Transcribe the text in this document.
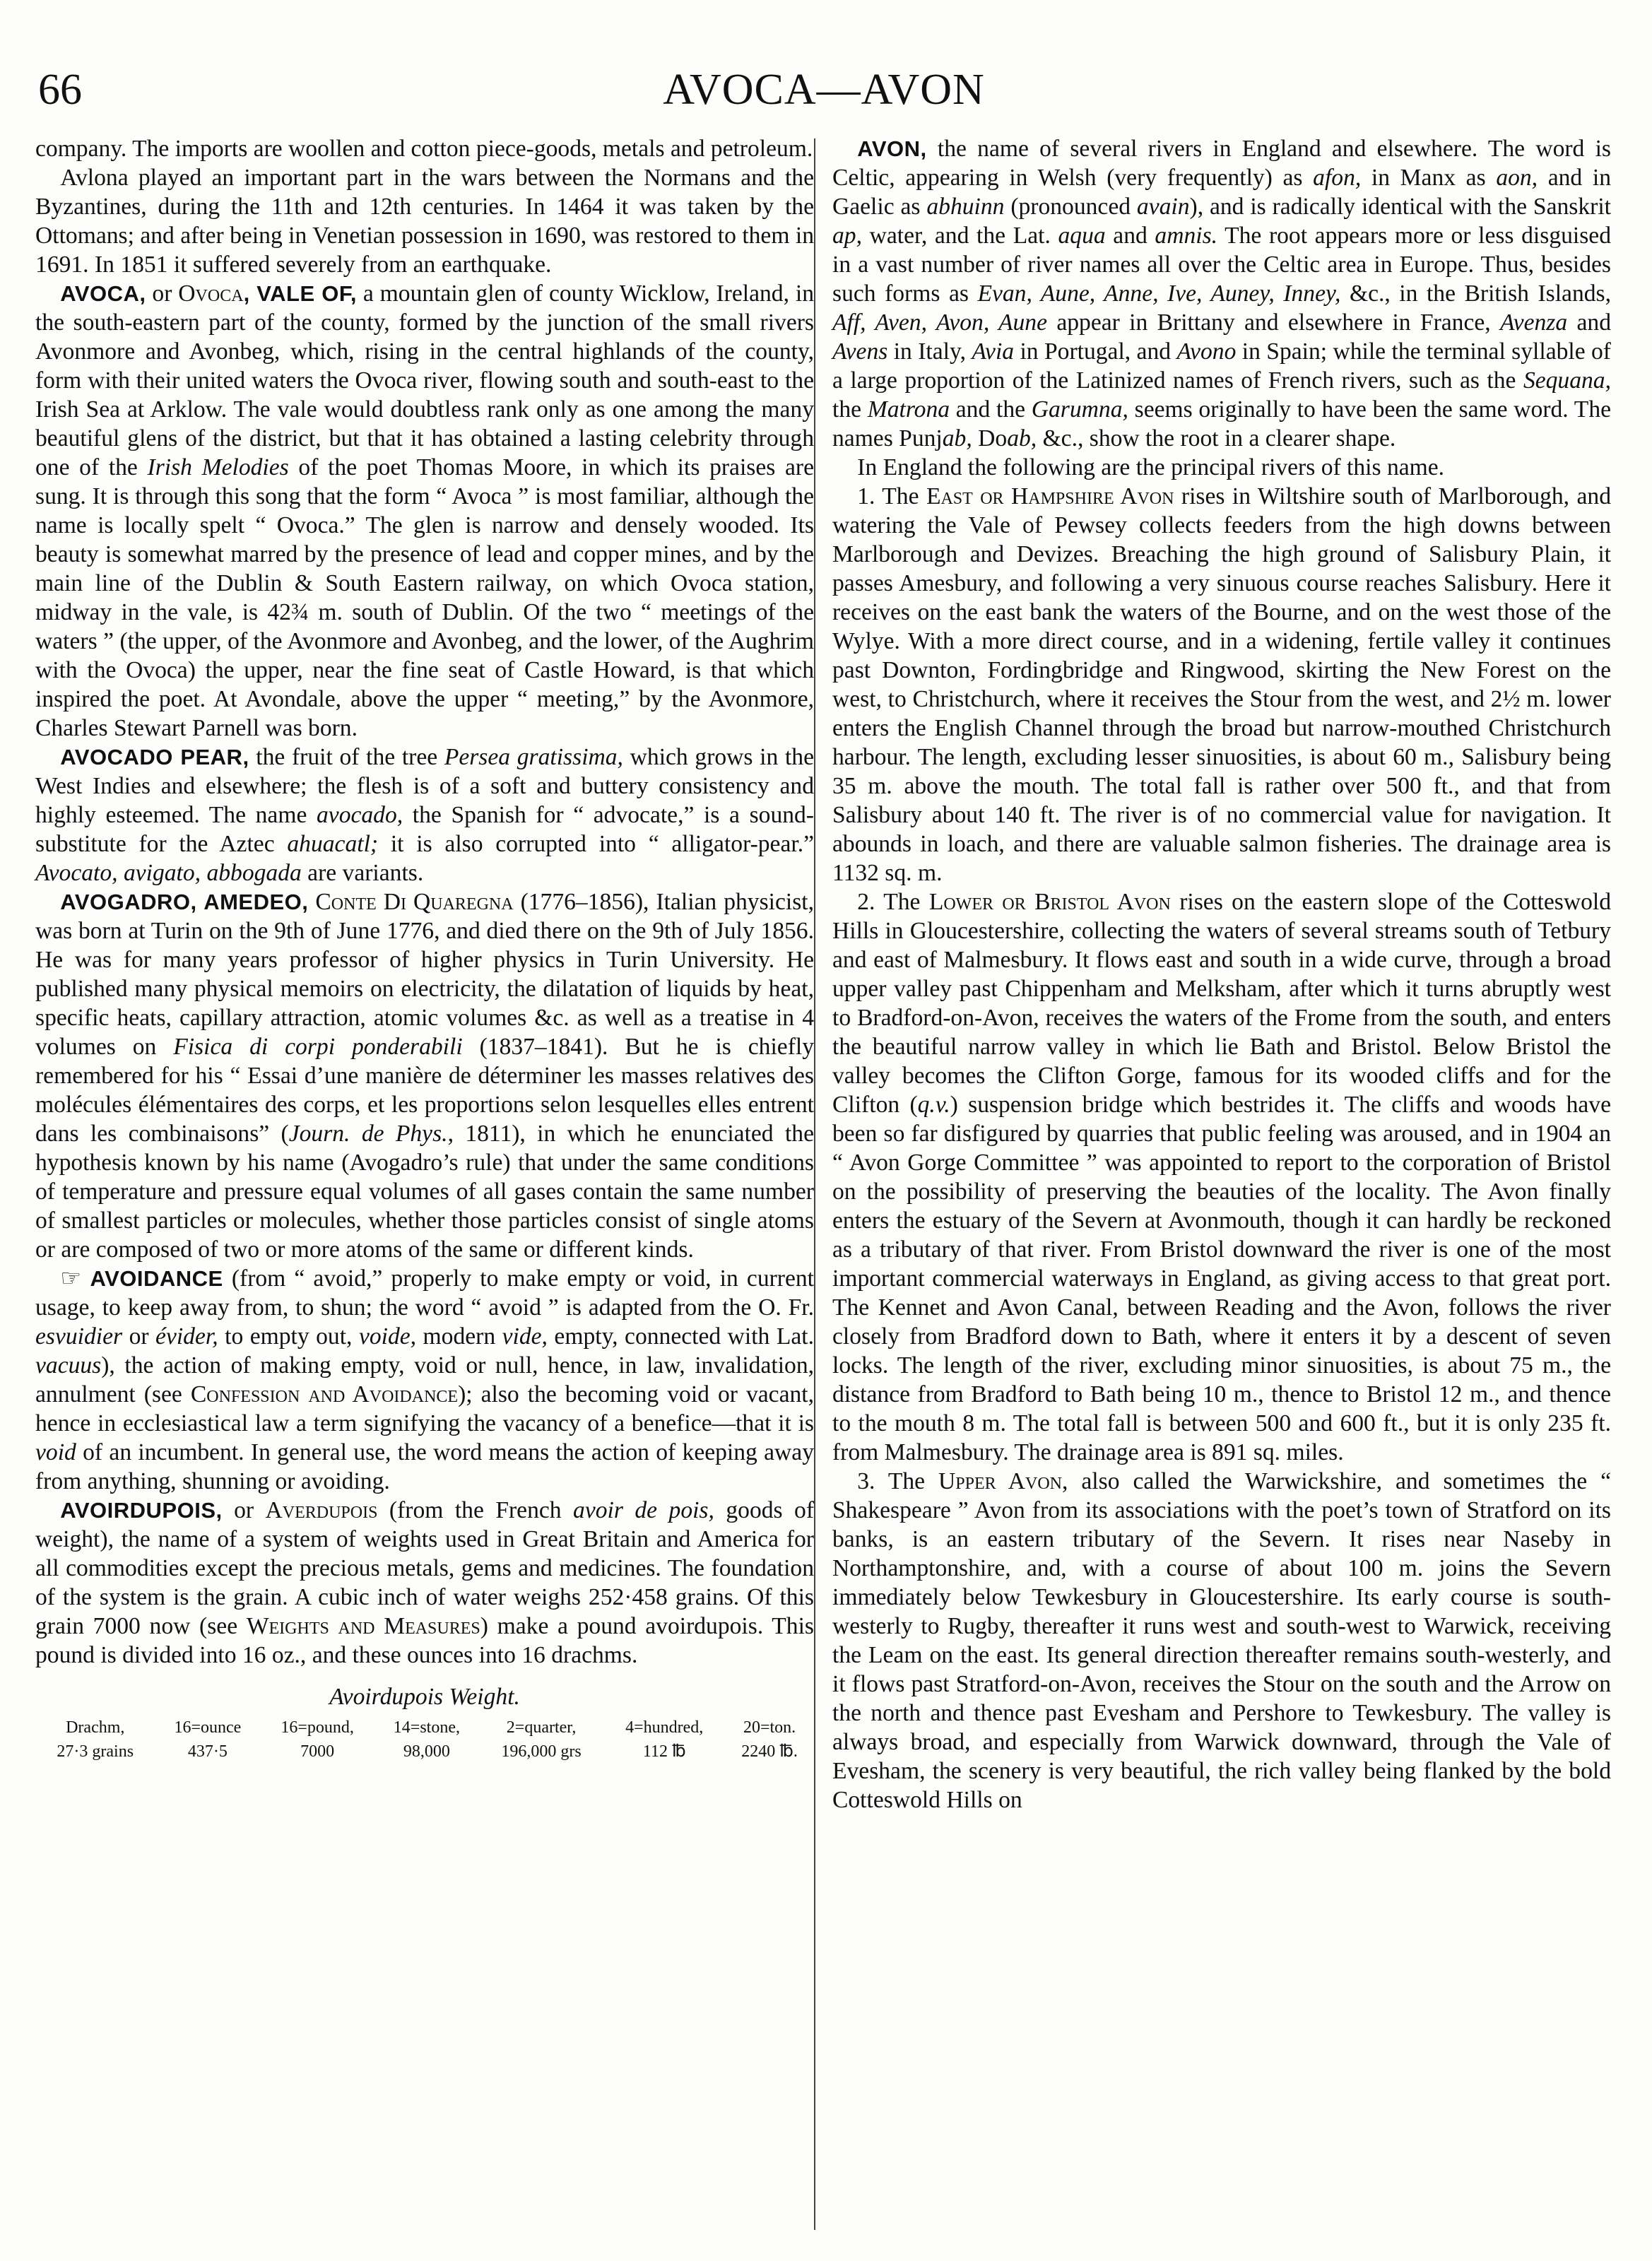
66	AVOCA—AVON

company. The imports are woollen and cotton piece-goods, metals and petroleum.

Avlona played an important part in the wars between the Normans and the Byzantines, during the 11th and 12th centuries. In 1464 it was taken by the Ottomans; and after being in Venetian possession in 1690, was restored to them in 1691. In 1851 it suffered severely from an earthquake.

AVOCA, or Ovoca, VALE OF, a mountain glen of county Wicklow, Ireland, in the south-eastern part of the county, formed by the junction of the small rivers Avonmore and Avonbeg, which, rising in the central highlands of the county, form with their united waters the Ovoca river, flowing south and south-east to the Irish Sea at Arklow. The vale would doubtless rank only as one among the many beautiful glens of the district, but that it has obtained a lasting celebrity through one of the Irish Melodies of the poet Thomas Moore, in which its praises are sung. It is through this song that the form “ Avoca ” is most familiar, although the name is locally spelt “ Ovoca.” The glen is narrow and densely wooded. Its beauty is somewhat marred by the presence of lead and copper mines, and by the main line of the Dublin & South Eastern railway, on which Ovoca station, midway in the vale, is 42¾ m. south of Dublin. Of the two “ meetings of the waters ” (the upper, of the Avonmore and Avonbeg, and the lower, of the Aughrim with the Ovoca) the upper, near the fine seat of Castle Howard, is that which inspired the poet. At Avondale, above the upper “ meeting,” by the Avonmore, Charles Stewart Parnell was born.

AVOCADO PEAR, the fruit of the tree Persea gratissima, which grows in the West Indies and elsewhere; the flesh is of a soft and buttery consistency and highly esteemed. The name avocado, the Spanish for “ advocate,” is a sound-substitute for the Aztec ahuacatl; it is also corrupted into “ alligator-pear.” Avocato, avigato, abbogada are variants.

AVOGADRO, AMEDEO, Conte Di Quaregna (1776–1856), Italian physicist, was born at Turin on the 9th of June 1776, and died there on the 9th of July 1856. He was for many years professor of higher physics in Turin University. He published many physical memoirs on electricity, the dilatation of liquids by heat, specific heats, capillary attraction, atomic volumes &c. as well as a treatise in 4 volumes on Fisica di corpi ponderabili (1837–1841). But he is chiefly remembered for his “ Essai d’une manière de déterminer les masses relatives des molécules élémentaires des corps, et les proportions selon lesquelles elles entrent dans les combinaisons” (Journ. de Phys., 1811), in which he enunciated the hypothesis known by his name (Avogadro’s rule) that under the same conditions of temperature and pressure equal volumes of all gases contain the same number of smallest particles or molecules, whether those particles consist of single atoms or are composed of two or more atoms of the same or different kinds.

☞ AVOIDANCE (from “ avoid,” properly to make empty or void, in current usage, to keep away from, to shun; the word “ avoid ” is adapted from the O. Fr. esvuidier or évider, to empty out, voide, modern vide, empty, connected with Lat. vacuus), the action of making empty, void or null, hence, in law, invalidation, annulment (see Confession and Avoidance); also the becoming void or vacant, hence in ecclesiastical law a term signifying the vacancy of a benefice—that it is void of an incumbent. In general use, the word means the action of keeping away from anything, shunning or avoiding.

AVOIRDUPOIS, or Averdupois (from the French avoir de pois, goods of weight), the name of a system of weights used in Great Britain and America for all commodities except the precious metals, gems and medicines. The foundation of the system is the grain. A cubic inch of water weighs 252·458 grains. Of this grain 7000 now (see Weights and Measures) make a pound avoirdupois. This pound is divided into 16 oz., and these ounces into 16 drachms.

Avoirdupois Weight.

Drachm,	16=ounce	16=pound,	14=stone,	2=quarter,	4=hundred,	20=ton.
27·3 grains	437·5	7000	98,000	196,000 grs	112 ℔	2240 ℔.

AVON, the name of several rivers in England and elsewhere. The word is Celtic, appearing in Welsh (very frequently) as afon, in Manx as aon, and in Gaelic as abhuinn (pronounced avain), and is radically identical with the Sanskrit ap, water, and the Lat. aqua and amnis. The root appears more or less disguised in a vast number of river names all over the Celtic area in Europe. Thus, besides such forms as Evan, Aune, Anne, Ive, Auney, Inney, &c., in the British Islands, Aff, Aven, Avon, Aune appear in Brittany and elsewhere in France, Avenza and Avens in Italy, Avia in Portugal, and Avono in Spain; while the terminal syllable of a large proportion of the Latinized names of French rivers, such as the Sequana, the Matrona and the Garumna, seems originally to have been the same word. The names Punjab, Doab, &c., show the root in a clearer shape.

In England the following are the principal rivers of this name.

1. The East or Hampshire Avon rises in Wiltshire south of Marlborough, and watering the Vale of Pewsey collects feeders from the high downs between Marlborough and Devizes. Breaching the high ground of Salisbury Plain, it passes Amesbury, and following a very sinuous course reaches Salisbury. Here it receives on the east bank the waters of the Bourne, and on the west those of the Wylye. With a more direct course, and in a widening, fertile valley it continues past Downton, Fordingbridge and Ringwood, skirting the New Forest on the west, to Christchurch, where it receives the Stour from the west, and 2½ m. lower enters the English Channel through the broad but narrow-mouthed Christchurch harbour. The length, excluding lesser sinuosities, is about 60 m., Salisbury being 35 m. above the mouth. The total fall is rather over 500 ft., and that from Salisbury about 140 ft. The river is of no commercial value for navigation. It abounds in loach, and there are valuable salmon fisheries. The drainage area is 1132 sq. m.

2. The Lower or Bristol Avon rises on the eastern slope of the Cotteswold Hills in Gloucestershire, collecting the waters of several streams south of Tetbury and east of Malmesbury. It flows east and south in a wide curve, through a broad upper valley past Chippenham and Melksham, after which it turns abruptly west to Bradford-on-Avon, receives the waters of the Frome from the south, and enters the beautiful narrow valley in which lie Bath and Bristol. Below Bristol the valley becomes the Clifton Gorge, famous for its wooded cliffs and for the Clifton (q.v.) suspension bridge which bestrides it. The cliffs and woods have been so far disfigured by quarries that public feeling was aroused, and in 1904 an “ Avon Gorge Committee ” was appointed to report to the corporation of Bristol on the possibility of preserving the beauties of the locality. The Avon finally enters the estuary of the Severn at Avonmouth, though it can hardly be reckoned as a tributary of that river. From Bristol downward the river is one of the most important commercial waterways in England, as giving access to that great port. The Kennet and Avon Canal, between Reading and the Avon, follows the river closely from Bradford down to Bath, where it enters it by a descent of seven locks. The length of the river, excluding minor sinuosities, is about 75 m., the distance from Bradford to Bath being 10 m., thence to Bristol 12 m., and thence to the mouth 8 m. The total fall is between 500 and 600 ft., but it is only 235 ft. from Malmesbury. The drainage area is 891 sq. miles.

3. The Upper Avon, also called the Warwickshire, and sometimes the “ Shakespeare ” Avon from its associations with the poet’s town of Stratford on its banks, is an eastern tributary of the Severn. It rises near Naseby in Northamptonshire, and, with a course of about 100 m. joins the Severn immediately below Tewkesbury in Gloucestershire. Its early course is south-westerly to Rugby, thereafter it runs west and south-west to Warwick, receiving the Leam on the east. Its general direction thereafter remains south-westerly, and it flows past Stratford-on-Avon, receives the Stour on the south and the Arrow on the north and thence past Evesham and Pershore to Tewkesbury. The valley is always broad, and especially from Warwick downward, through the Vale of Evesham, the scenery is very beautiful, the rich valley being flanked by the bold Cotteswold Hills on
